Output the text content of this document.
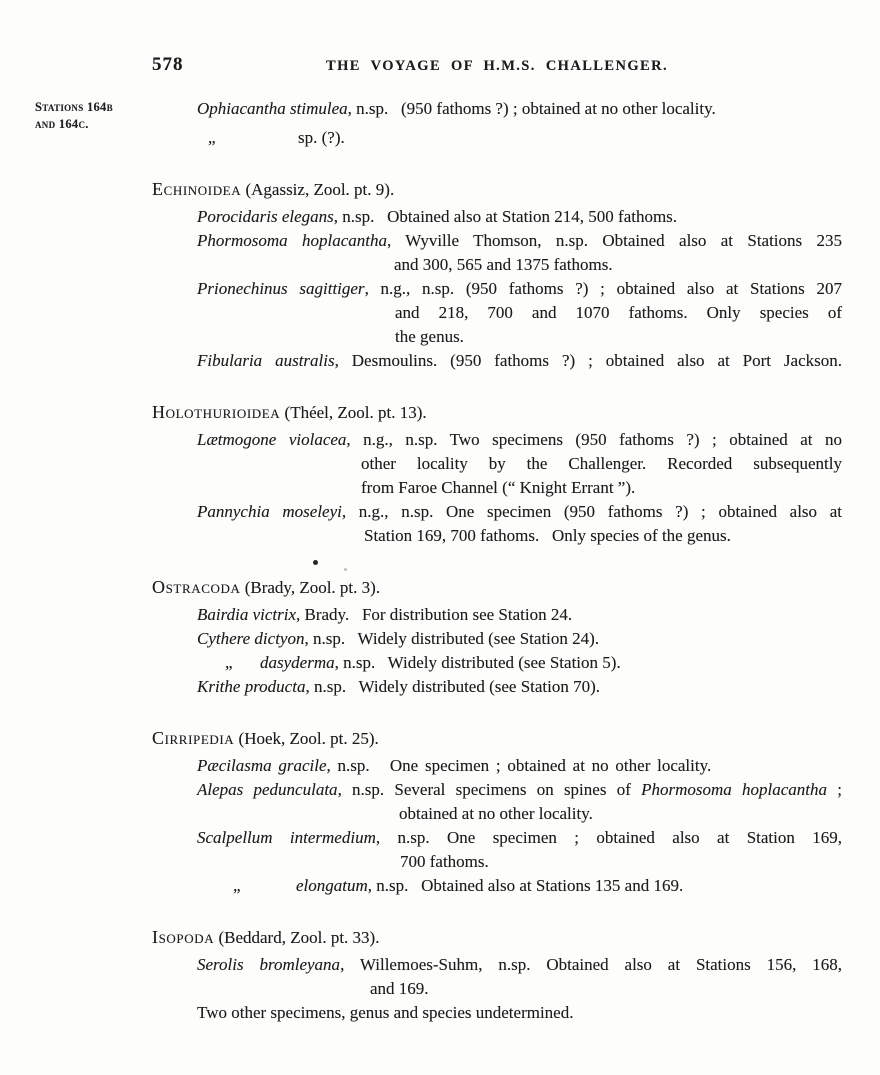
Stations 164b
and 164c.
578	THE VOYAGE OF H.M.S. CHALLENGER.
Ophiacantha stimulea, n.sp.   (950 fathoms ?) ; obtained at no other locality.
„	sp. (?).
Echinoidea (Agassiz, Zool. pt. 9).
Porocidaris elegans, n.sp.   Obtained also at Station 214, 500 fathoms.
Phormosoma hoplacantha, Wyville Thomson, n.sp. Obtained also at Stations 235
and 300, 565 and 1375 fathoms.
Prionechinus sagittiger, n.g., n.sp. (950 fathoms ?) ; obtained also at Stations 207
and 218, 700 and 1070 fathoms. Only species of
the genus.
Fibularia australis, Desmoulins. (950 fathoms ?) ; obtained also at Port Jackson.
Holothurioidea (Théel, Zool. pt. 13).
Lætmogone violacea, n.g., n.sp. Two specimens (950 fathoms ?) ; obtained at no
other locality by the Challenger. Recorded subsequently
from Faroe Channel (“ Knight Errant ”).
Pannychia moseleyi, n.g., n.sp. One specimen (950 fathoms ?) ; obtained also at
Station 169, 700 fathoms.   Only species of the genus.
Ostracoda (Brady, Zool. pt. 3).
Bairdia victrix, Brady.   For distribution see Station 24.
Cythere dictyon, n.sp.   Widely distributed (see Station 24).
„ dasyderma, n.sp.   Widely distributed (see Station 5).
Krithe producta, n.sp.   Widely distributed (see Station 70).
Cirripedia (Hoek, Zool. pt. 25).
Pæcilasma gracile, n.sp.   One specimen ; obtained at no other locality.
Alepas pedunculata, n.sp. Several specimens on spines of Phormosoma hoplacantha ;
obtained at no other locality.
Scalpellum intermedium, n.sp. One specimen ; obtained also at Station 169,
700 fathoms.
„	elongatum, n.sp.   Obtained also at Stations 135 and 169.
Isopoda (Beddard, Zool. pt. 33).
Serolis bromleyana, Willemoes-Suhm, n.sp. Obtained also at Stations 156, 168,
and 169.
Two other specimens, genus and species undetermined.
